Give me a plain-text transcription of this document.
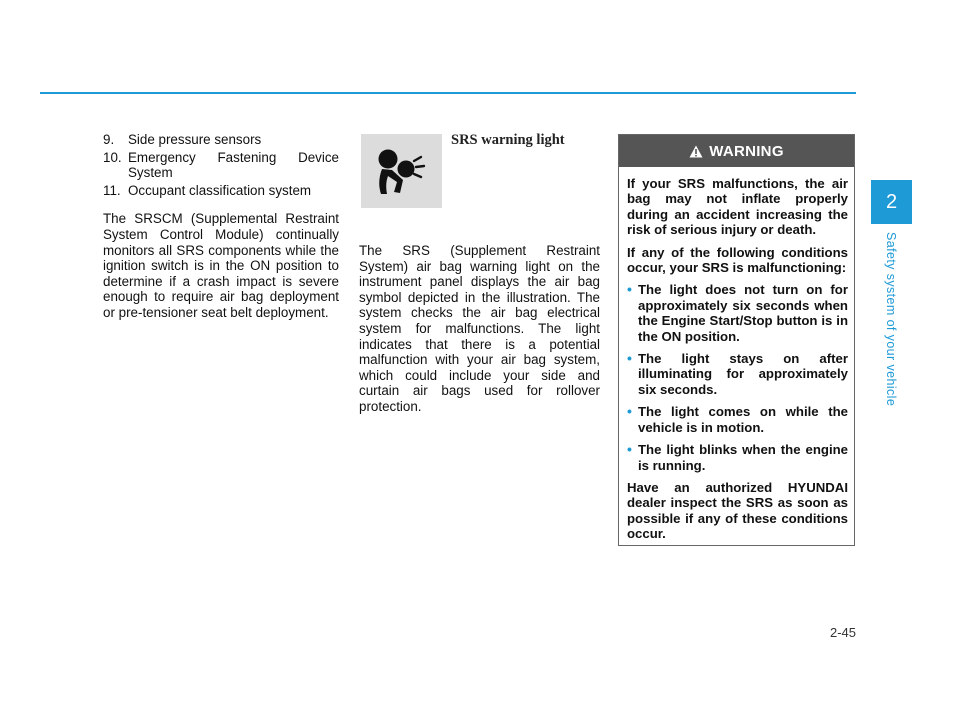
9. Side pressure sensors
10. Emergency Fastening Device System
11. Occupant classification system
The SRSCM (Supplemental Restraint System Control Module) continually monitors all SRS components while the ignition switch is in the ON position to determine if a crash impact is severe enough to require air bag deployment or pre-tensioner seat belt deployment.
SRS warning light
The SRS (Supplement Restraint System) air bag warning light on the instrument panel displays the air bag symbol depicted in the illustration. The system checks the air bag electrical system for malfunctions. The light indicates that there is a potential malfunction with your air bag system, which could include your side and curtain air bags used for rollover protection.
WARNING

If your SRS malfunctions, the air bag may not inflate properly during an accident increasing the risk of serious injury or death.

If any of the following conditions occur, your SRS is malfunctioning:

• The light does not turn on for approximately six seconds when the Engine Start/Stop button is in the ON position.
• The light stays on after illuminating for approximately six seconds.
• The light comes on while the vehicle is in motion.
• The light blinks when the engine is running.

Have an authorized HYUNDAI dealer inspect the SRS as soon as possible if any of these conditions occur.

2
Safety system of your vehicle
2-45
